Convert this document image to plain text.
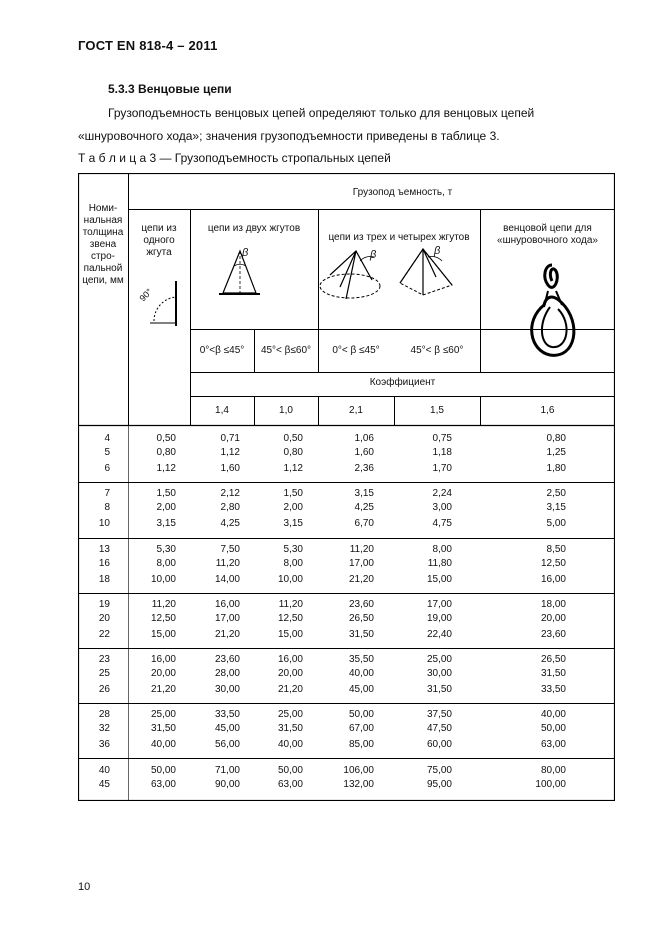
ГОСТ EN 818-4 – 2011
5.3.3 Венцовые цепи
Грузоподъемность венцовых цепей определяют только для венцовых цепей
«шнуровочного хода»; значения грузоподъемности приведены в таблице 3.
Т а б л и ц а 3 — Грузоподъемность стропальных цепей
Номи-
нальная
толщина
звена
стро-
пальной
цепи, мм
Грузопод ъемность, т
цепи из
одного
жгута
90°
цепи из двух жгутов
β
цепи из трех и четырех жгутов
β	β
венцовой цепи для
«шнуровочного хода»
0°<β ≤45°	45°< β≤60°	0°< β ≤45°	45°< β ≤60°
Коэффициент
1,4	1,0	2,1	1,5	1,6
4	0,50	0,71	0,50	1,06	0,75	0,80
5	0,80	1,12	0,80	1,60	1,18	1,25
6	1,12	1,60	1,12	2,36	1,70	1,80
7	1,50	2,12	1,50	3,15	2,24	2,50
8	2,00	2,80	2,00	4,25	3,00	3,15
10	3,15	4,25	3,15	6,70	4,75	5,00
13	5,30	7,50	5,30	11,20	8,00	8,50
16	8,00	11,20	8,00	17,00	11,80	12,50
18	10,00	14,00	10,00	21,20	15,00	16,00
19	11,20	16,00	11,20	23,60	17,00	18,00
20	12,50	17,00	12,50	26,50	19,00	20,00
22	15,00	21,20	15,00	31,50	22,40	23,60
23	16,00	23,60	16,00	35,50	25,00	26,50
25	20,00	28,00	20,00	40,00	30,00	31,50
26	21,20	30,00	21,20	45,00	31,50	33,50
28	25,00	33,50	25,00	50,00	37,50	40,00
32	31,50	45,00	31,50	67,00	47,50	50,00
36	40,00	56,00	40,00	85,00	60,00	63,00
40	50,00	71,00	50,00	106,00	75,00	80,00
45	63,00	90,00	63,00	132,00	95,00	100,00
10
